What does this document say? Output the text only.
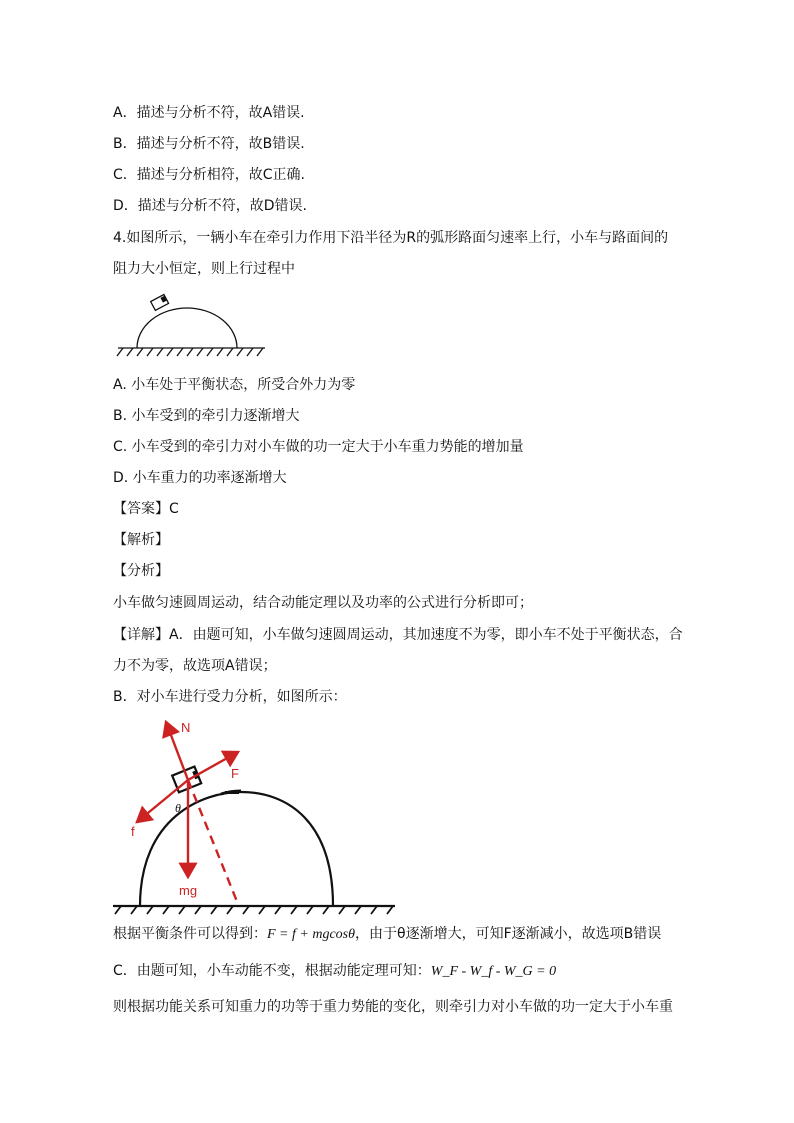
A．描述与分析不符，故A错误.
B．描述与分析不符，故B错误.
C．描述与分析相符，故C正确.
D．描述与分析不符，故D错误.
4.如图所示，一辆小车在牵引力作用下沿半径为R的弧形路面匀速率上行，小车与路面间的
阻力大小恒定，则上行过程中
A. 小车处于平衡状态，所受合外力为零
B. 小车受到的牵引力逐渐增大
C. 小车受到的牵引力对小车做的功一定大于小车重力势能的增加量
D. 小车重力的功率逐渐增大
【答案】C
【解析】
【分析】
小车做匀速圆周运动，结合动能定理以及功率的公式进行分析即可；
【详解】A．由题可知，小车做匀速圆周运动，其加速度不为零，即小车不处于平衡状态，合
力不为零，故选项A错误；
B．对小车进行受力分析，如图所示：
N
F
f
mg
θ
根据平衡条件可以得到：F = f + mgcosθ，由于θ逐渐增大，可知F逐渐减小，故选项B错误
C．由题可知，小车动能不变，根据动能定理可知：W_F - W_f - W_G = 0
则根据功能关系可知重力的功等于重力势能的变化，则牵引力对小车做的功一定大于小车重
